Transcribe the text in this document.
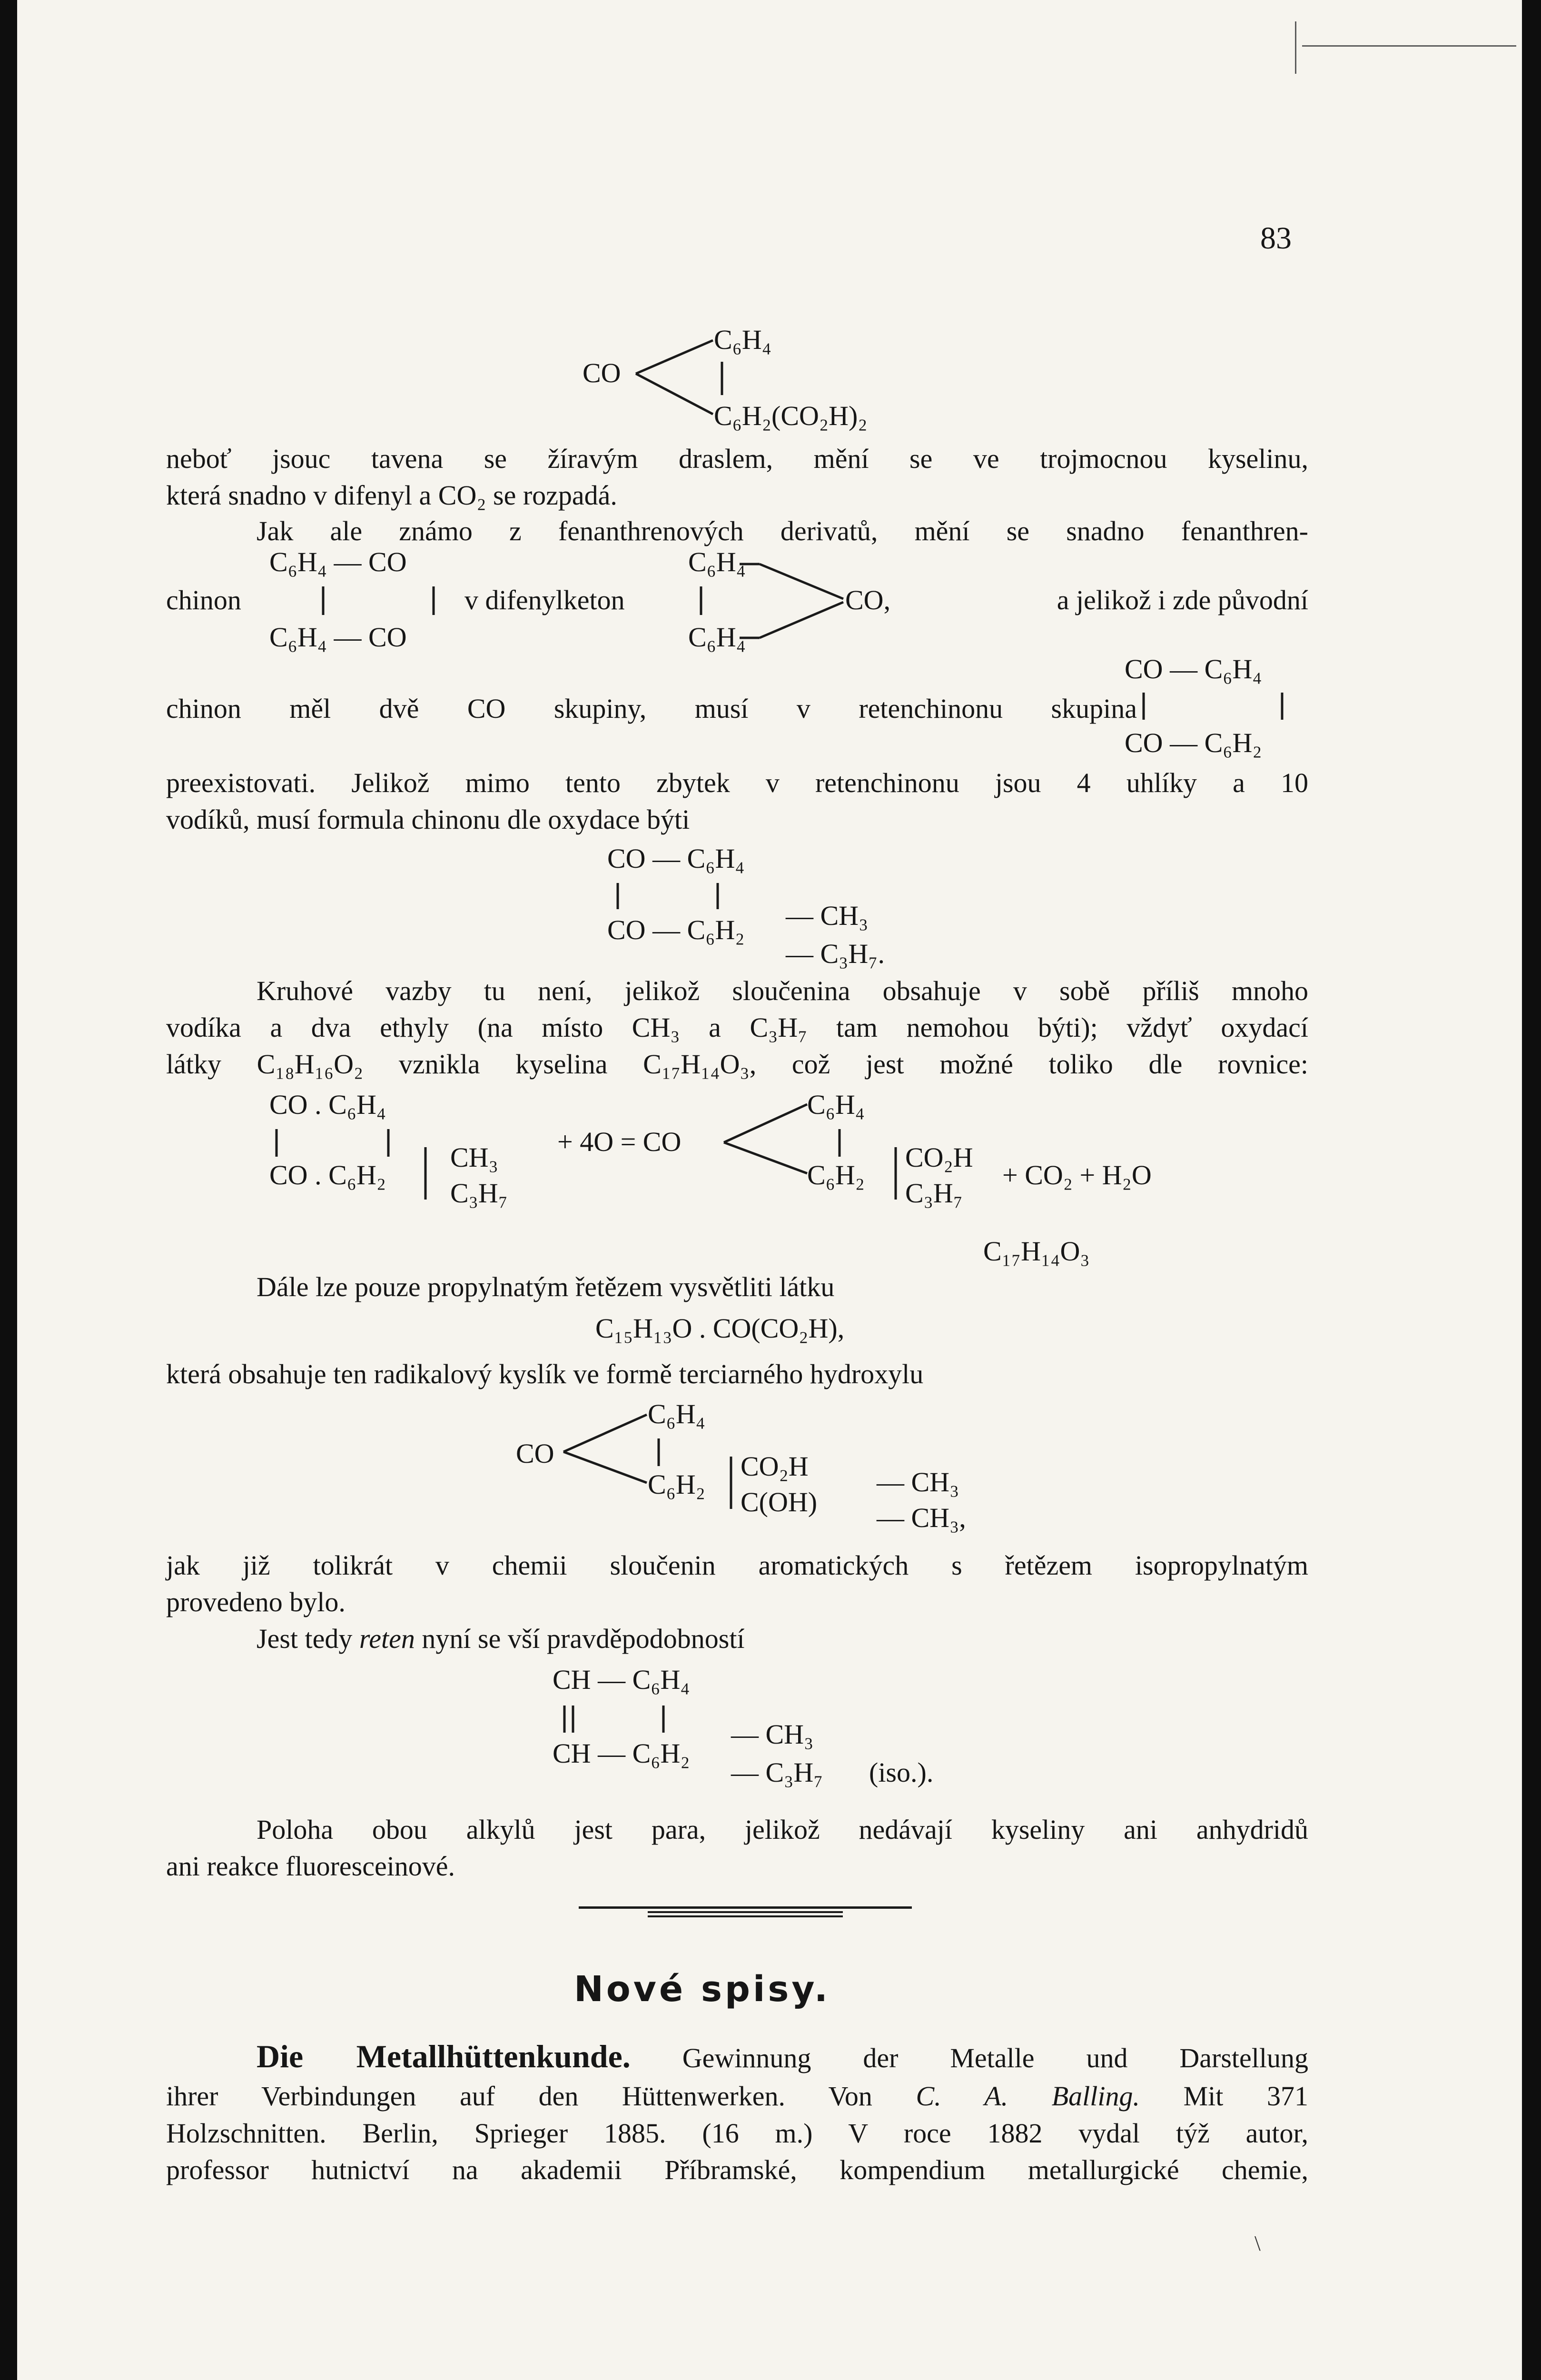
83
CO
C₆H₄
C₆H₂(CO₂H)₂
neboť jsouc tavena se žíravým draslem, mění se ve trojmocnou kyselinu,
která snadno v difenyl a CO₂ se rozpadá.
Jak ale známo z fenanthrenových derivatů, mění se snadno fenanthren-
C₆H₄ — CO
chinon
C₆H₄ — CO
v difenylketon
C₆H₄
C₆H₄
CO,	a jelikož i zde původní
CO — C₆H₄
chinon měl dvě CO skupiny, musí v retenchinonu skupina
CO — C₆H₂
preexistovati. Jelikož mimo tento zbytek v retenchinonu jsou 4 uhlíky a 10
vodíků, musí formula chinonu dle oxydace býti
CO — C₆H₄
CO — C₆H₂ — CH₃
— C₃H₇.
Kruhové vazby tu není, jelikož sloučenina obsahuje v sobě příliš mnoho
vodíka a dva ethyly (na místo CH₃ a C₃H₇ tam nemohou býti); vždyť oxydací
látky C₁₈H₁₆O₂ vznikla kyselina C₁₇H₁₄O₃, což jest možné toliko dle rovnice:
CO . C₆H₄
CO . C₆H₂
CH₃
C₃H₇
+ 4O = CO
C₆H₄
C₆H₂
CO₂H
C₃H₇
+ CO₂ + H₂O
C₁₇H₁₄O₃
Dále lze pouze propylnatým řetězem vysvětliti látku
C₁₅H₁₃O . CO(CO₂H),
která obsahuje ten radikalový kyslík ve formě terciarného hydroxylu
CO
C₆H₄
C₆H₂
CO₂H
C(OH)
— CH₃
— CH₃,
jak již tolikrát v chemii sloučenin aromatických s řetězem isopropylnatým
provedeno bylo.
Jest tedy reten nyní se vší pravděpodobností
CH — C₆H₄
CH — C₆H₂
— CH₃
— C₃H₇ (iso.).
Poloha obou alkylů jest para, jelikož nedávají kyseliny ani anhydridů
ani reakce fluoresceinové.
Nové spisy.
Die Metallhüttenkunde. Gewinnung der Metalle und Darstellung
ihrer Verbindungen auf den Hüttenwerken. Von C. A. Balling. Mit 371
Holzschnitten. Berlin, Sprieger 1885. (16 m.) V roce 1882 vydal týž autor,
professor hutnictví na akademii Příbramské, kompendium metallurgické chemie,
\
